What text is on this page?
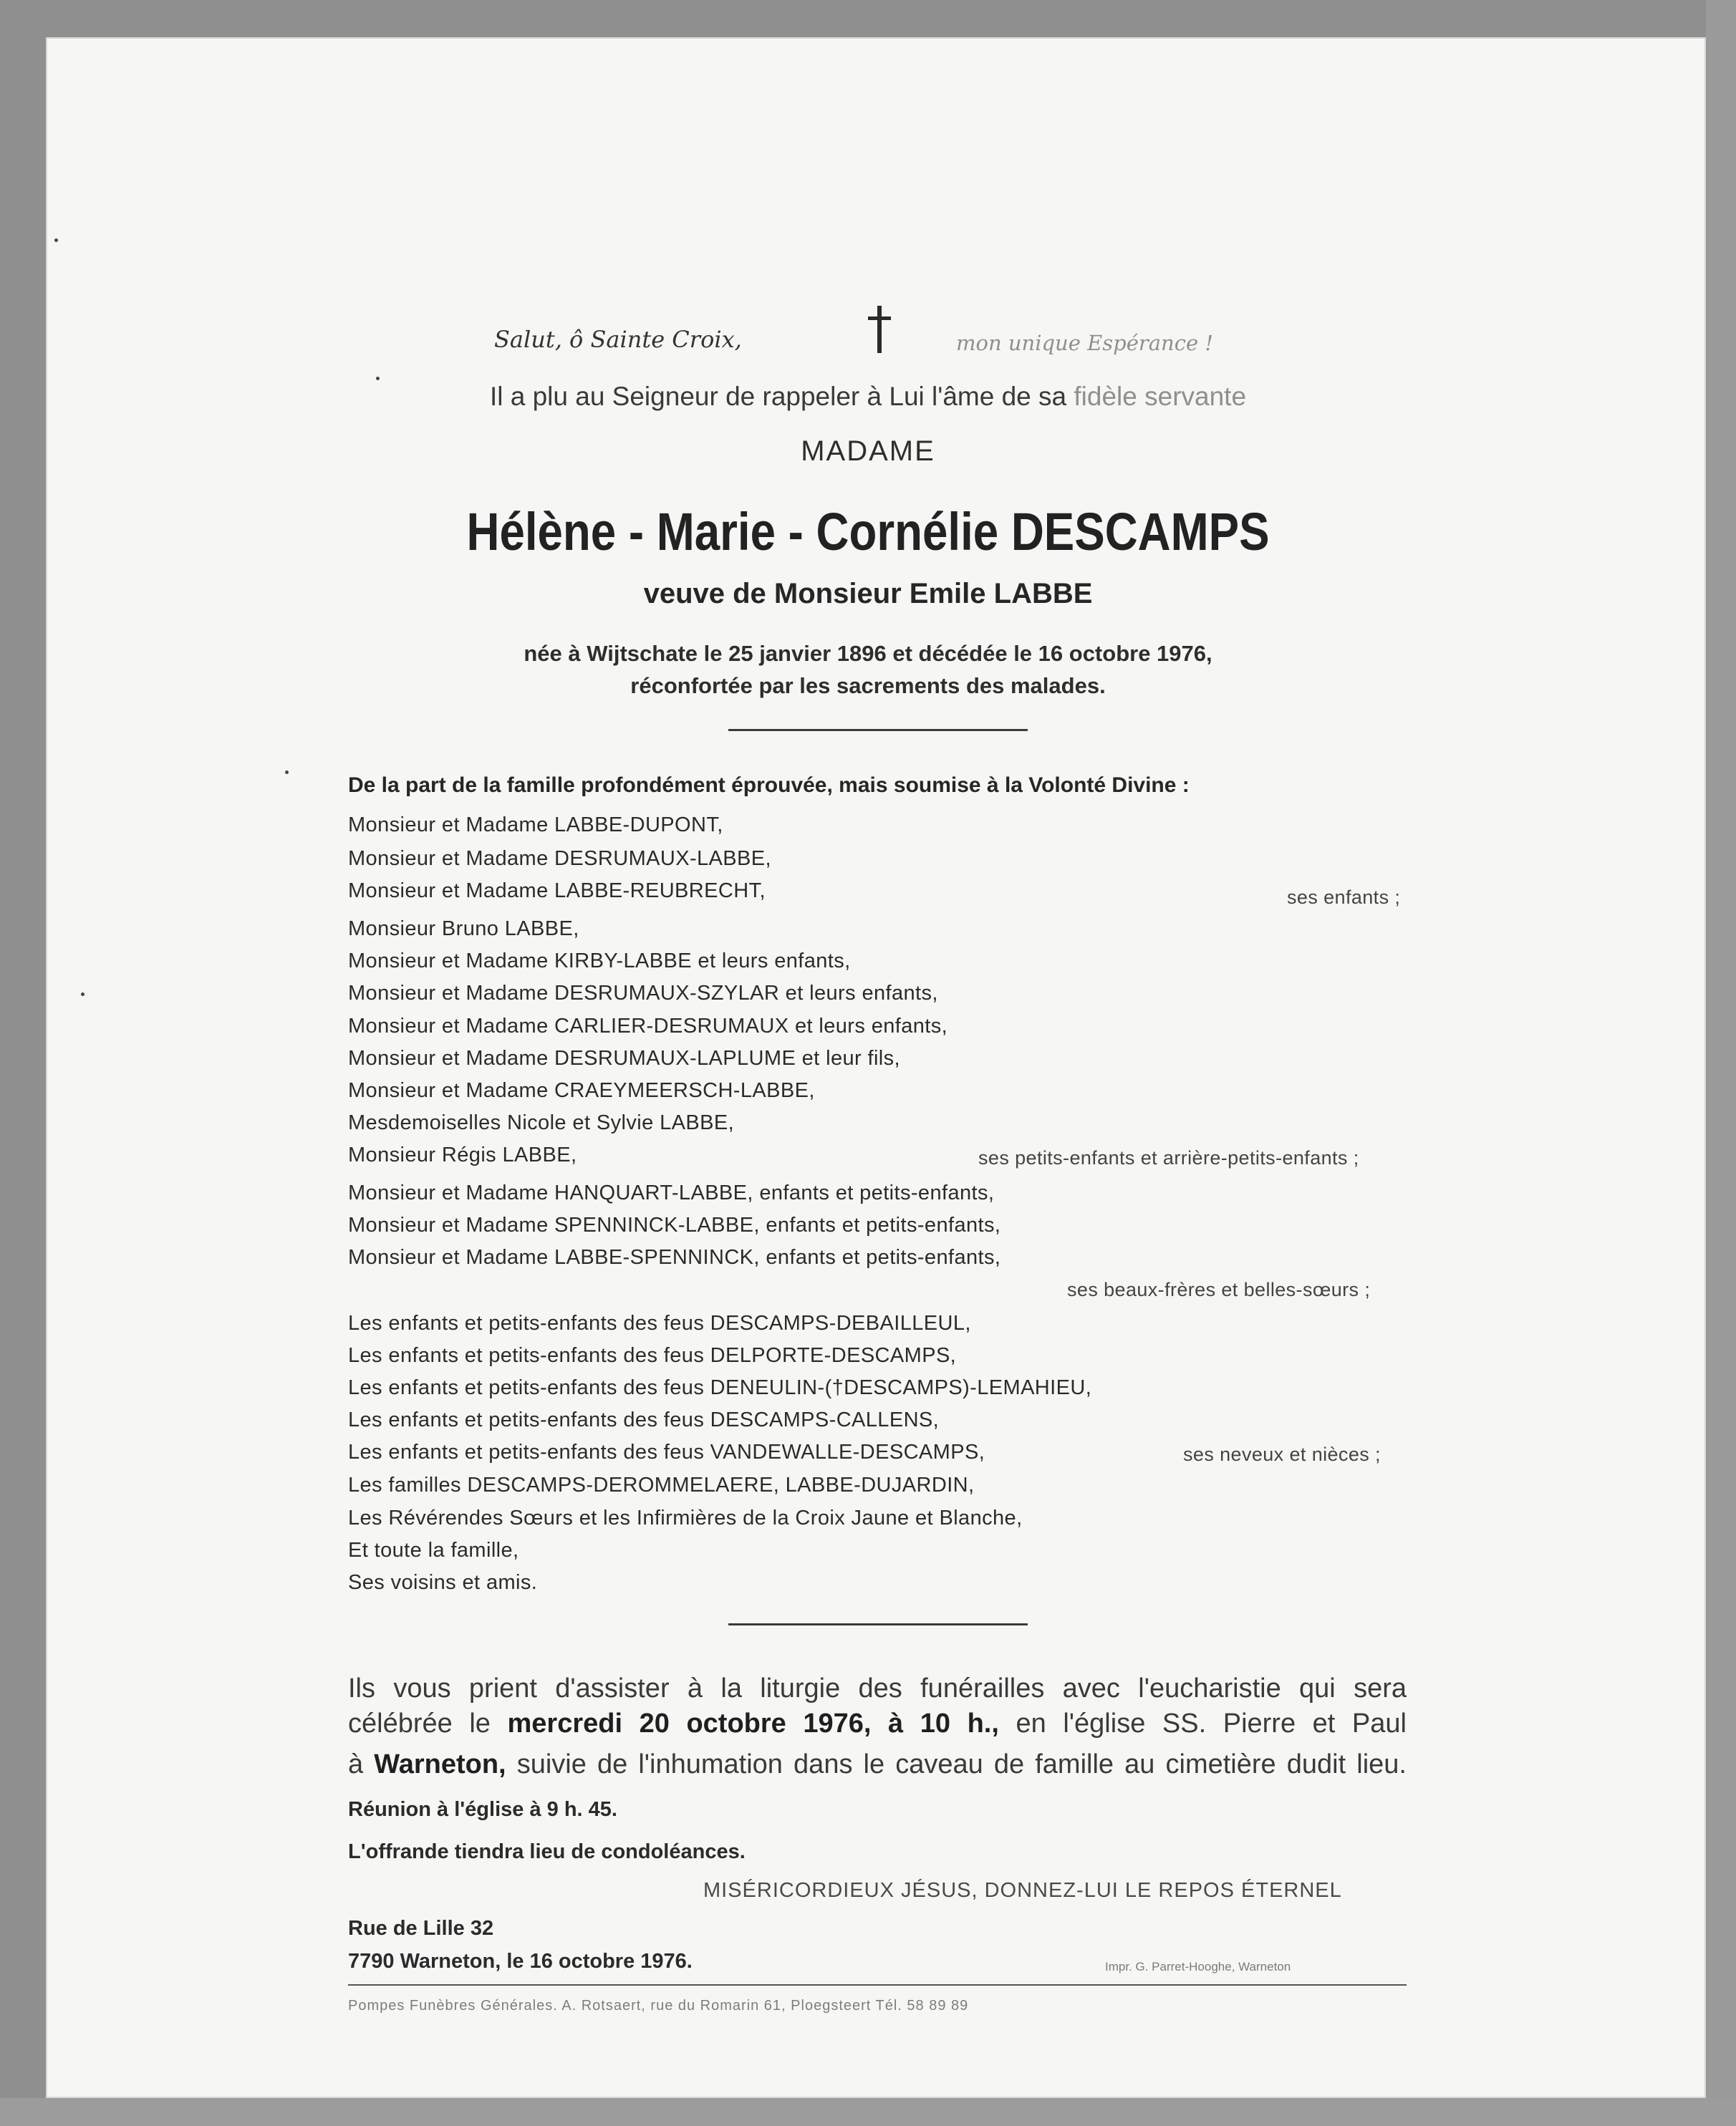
Salut, ô Sainte Croix,	mon unique Espérance !
Il a plu au Seigneur de rappeler à Lui l'âme de sa fidèle servante
MADAME
Hélène - Marie - Cornélie DESCAMPS
veuve de Monsieur Emile LABBE
née à Wijtschate le 25 janvier 1896 et décédée le 16 octobre 1976,
réconfortée par les sacrements des malades.
De la part de la famille profondément éprouvée, mais soumise à la Volonté Divine :
Monsieur et Madame LABBE-DUPONT,
Monsieur et Madame DESRUMAUX-LABBE,
Monsieur et Madame LABBE-REUBRECHT,	ses enfants ;
Monsieur Bruno LABBE,
Monsieur et Madame KIRBY-LABBE et leurs enfants,
Monsieur et Madame DESRUMAUX-SZYLAR et leurs enfants,
Monsieur et Madame CARLIER-DESRUMAUX et leurs enfants,
Monsieur et Madame DESRUMAUX-LAPLUME et leur fils,
Monsieur et Madame CRAEYMEERSCH-LABBE,
Mesdemoiselles Nicole et Sylvie LABBE,
Monsieur Régis LABBE,	ses petits-enfants et arrière-petits-enfants ;
Monsieur et Madame HANQUART-LABBE, enfants et petits-enfants,
Monsieur et Madame SPENNINCK-LABBE, enfants et petits-enfants,
Monsieur et Madame LABBE-SPENNINCK, enfants et petits-enfants,
ses beaux-frères et belles-sœurs ;
Les enfants et petits-enfants des feus DESCAMPS-DEBAILLEUL,
Les enfants et petits-enfants des feus DELPORTE-DESCAMPS,
Les enfants et petits-enfants des feus DENEULIN-(†DESCAMPS)-LEMAHIEU,
Les enfants et petits-enfants des feus DESCAMPS-CALLENS,
Les enfants et petits-enfants des feus VANDEWALLE-DESCAMPS,	ses neveux et nièces ;
Les familles DESCAMPS-DEROMMELAERE, LABBE-DUJARDIN,
Les Révérendes Sœurs et les Infirmières de la Croix Jaune et Blanche,
Et toute la famille,
Ses voisins et amis.
Ils vous prient d'assister à la liturgie des funérailles avec l'eucharistie qui sera
célébrée le mercredi 20 octobre 1976, à 10 h., en l'église SS. Pierre et Paul
à Warneton, suivie de l'inhumation dans le caveau de famille au cimetière dudit lieu.
Réunion à l'église à 9 h. 45.
L'offrande tiendra lieu de condoléances.
MISÉRICORDIEUX JÉSUS, DONNEZ-LUI LE REPOS ÉTERNEL
Rue de Lille 32
7790 Warneton, le 16 octobre 1976.	Impr. G. Parret-Hooghe, Warneton
Pompes Funèbres Générales. A. Rotsaert, rue du Romarin 61, Ploegsteert Tél. 58 89 89
